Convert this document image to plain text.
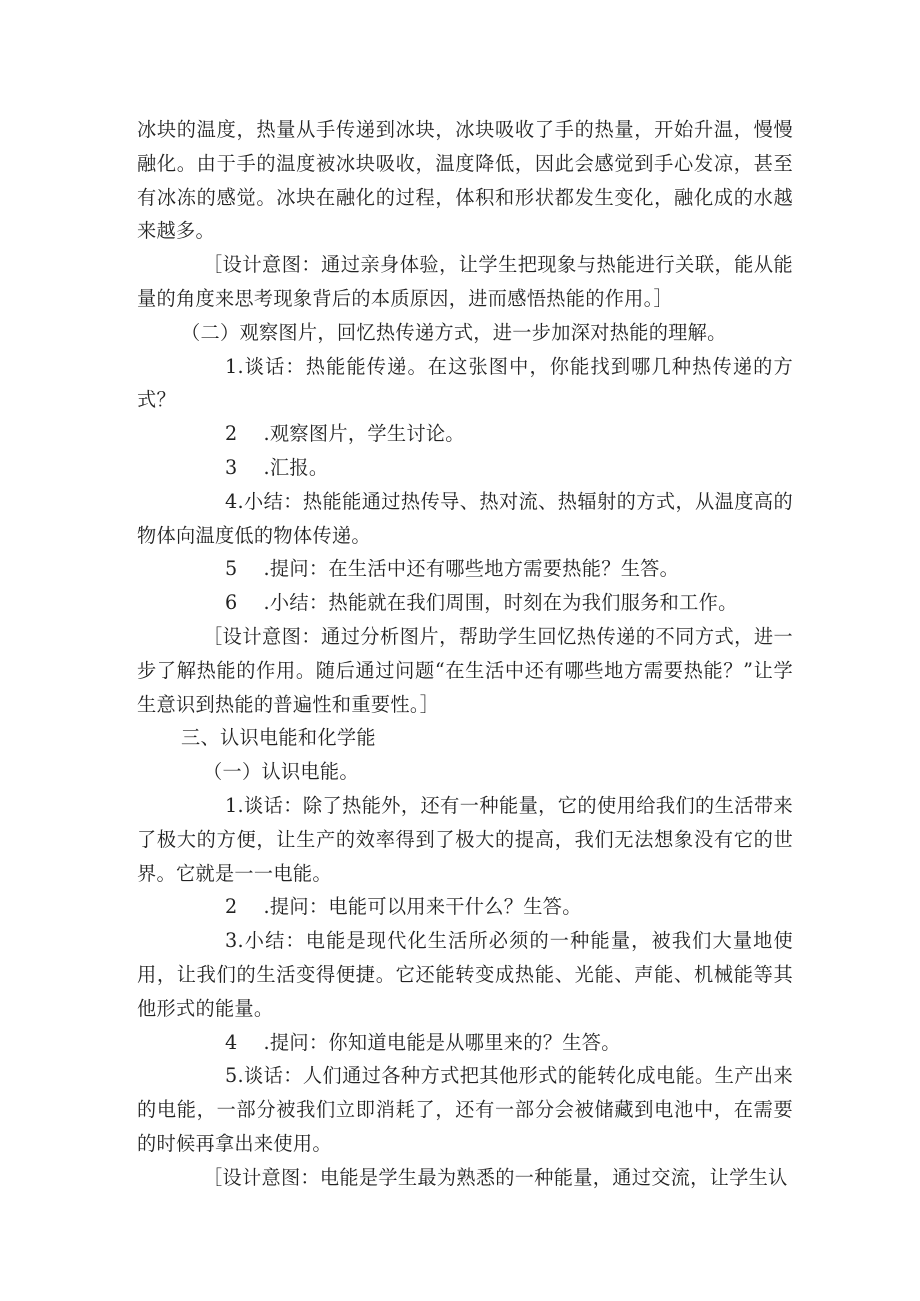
冰块的温度，热量从手传递到冰块，冰块吸收了手的热量，开始升温，慢慢融化。由于手的温度被冰块吸收，温度降低，因此会感觉到手心发凉，甚至有冰冻的感觉。冰块在融化的过程，体积和形状都发生变化，融化成的水越来越多。

［设计意图：通过亲身体验，让学生把现象与热能进行关联，能从能量的角度来思考现象背后的本质原因，进而感悟热能的作用。］

（二）观察图片，回忆热传递方式，进一步加深对热能的理解。

1.谈话：热能能传递。在这张图中，你能找到哪几种热传递的方式？

2 .观察图片，学生讨论。

3 .汇报。

4.小结：热能能通过热传导、热对流、热辐射的方式，从温度高的物体向温度低的物体传递。

5 .提问：在生活中还有哪些地方需要热能？生答。

6 .小结：热能就在我们周围，时刻在为我们服务和工作。

［设计意图：通过分析图片，帮助学生回忆热传递的不同方式，进一步了解热能的作用。随后通过问题“在生活中还有哪些地方需要热能？”让学生意识到热能的普遍性和重要性。］

三、认识电能和化学能

（一）认识电能。

1.谈话：除了热能外，还有一种能量，它的使用给我们的生活带来了极大的方便，让生产的效率得到了极大的提高，我们无法想象没有它的世界。它就是一一电能。

2 .提问：电能可以用来干什么？生答。

3.小结：电能是现代化生活所必须的一种能量，被我们大量地使用，让我们的生活变得便捷。它还能转变成热能、光能、声能、机械能等其他形式的能量。

4 .提问：你知道电能是从哪里来的？生答。

5.谈话：人们通过各种方式把其他形式的能转化成电能。生产出来的电能，一部分被我们立即消耗了，还有一部分会被储藏到电池中，在需要的时候再拿出来使用。

［设计意图：电能是学生最为熟悉的一种能量，通过交流，让学生认
